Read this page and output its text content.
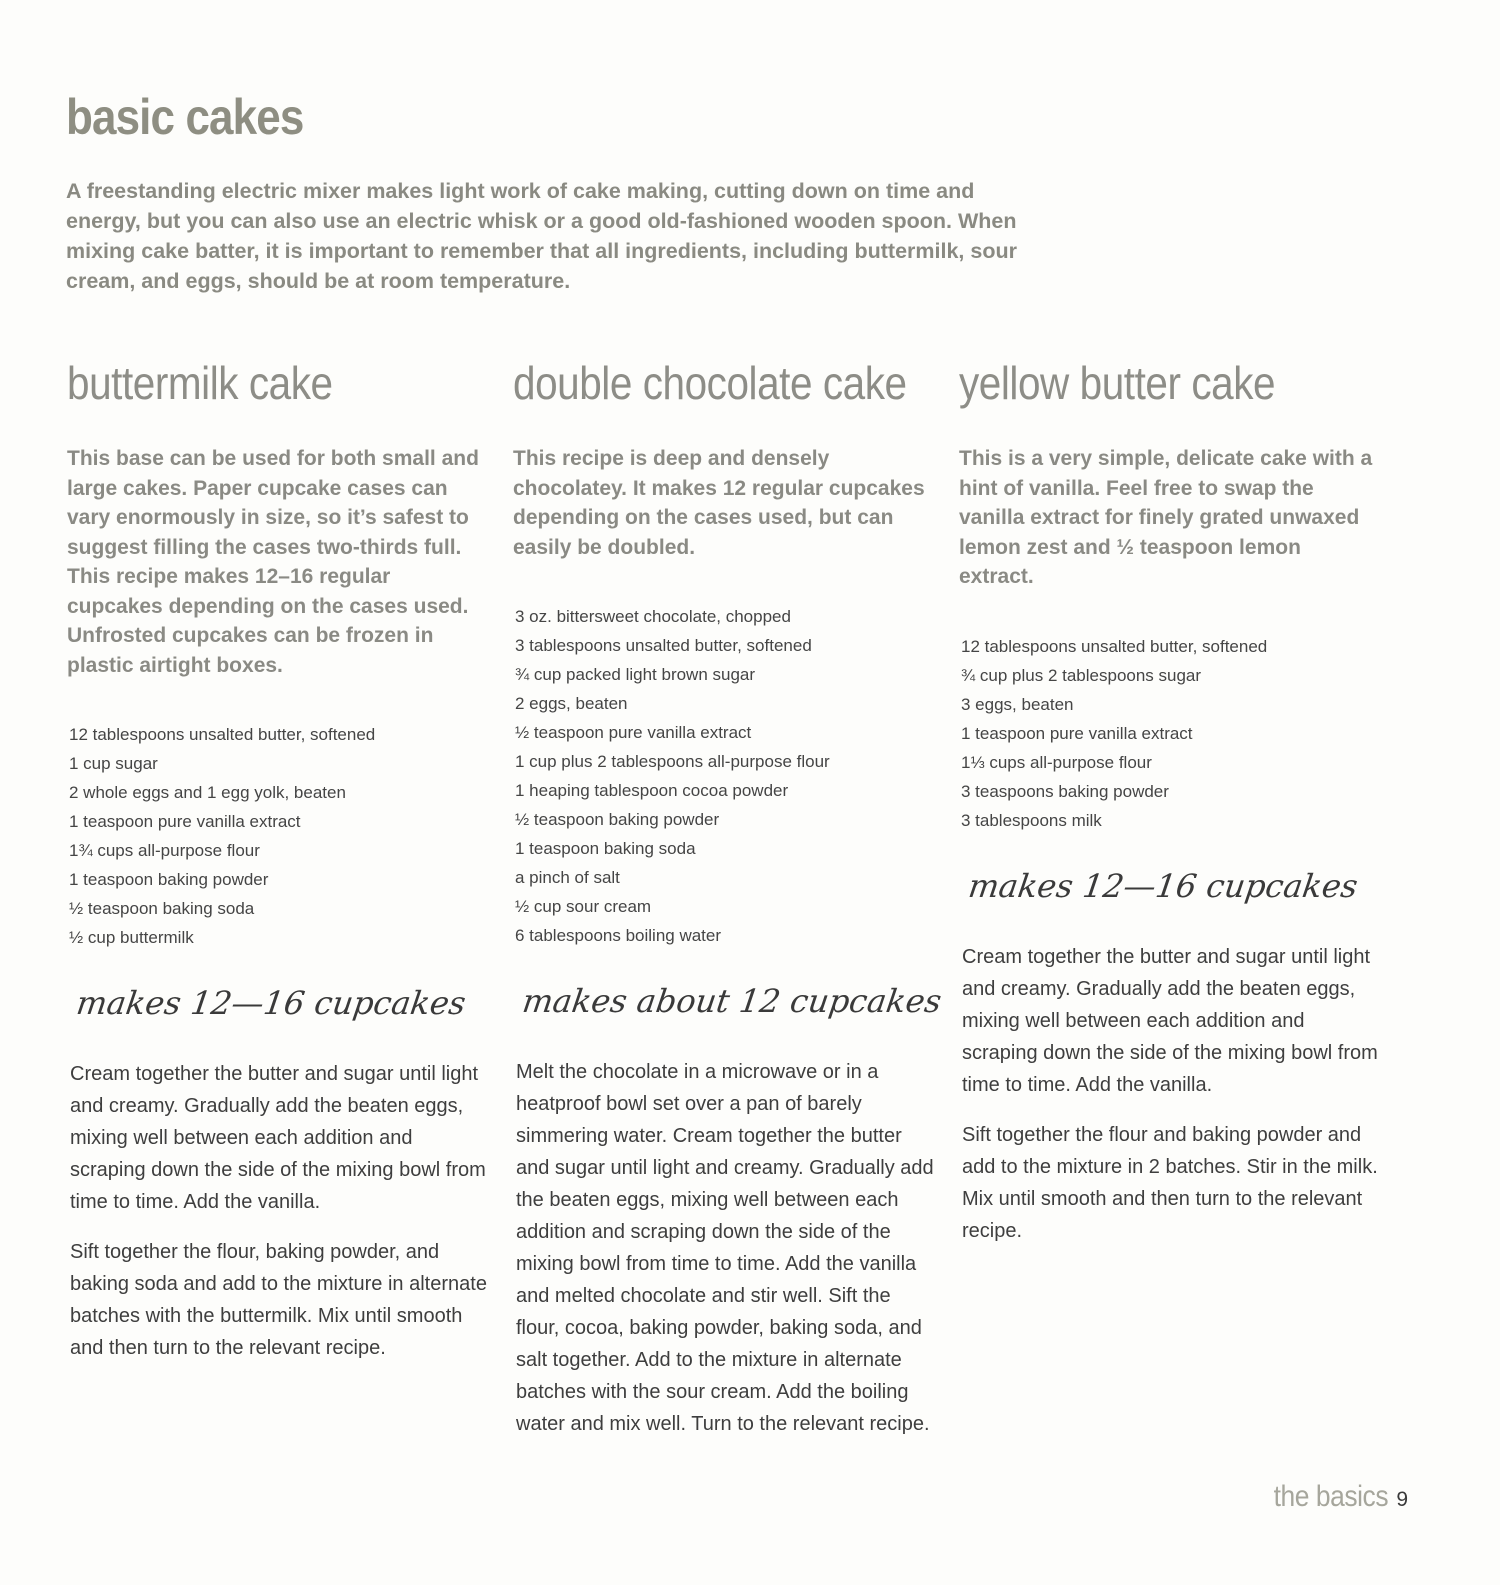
basic cakes

A freestanding electric mixer makes light work of cake making, cutting down on time and energy, but you can also use an electric whisk or a good old-fashioned wooden spoon. When mixing cake batter, it is important to remember that all ingredients, including buttermilk, sour cream, and eggs, should be at room temperature.

buttermilk cake

This base can be used for both small and large cakes. Paper cupcake cases can vary enormously in size, so it’s safest to suggest filling the cases two-thirds full. This recipe makes 12–16 regular cupcakes depending on the cases used. Unfrosted cupcakes can be frozen in plastic airtight boxes.

12 tablespoons unsalted butter, softened
1 cup sugar
2 whole eggs and 1 egg yolk, beaten
1 teaspoon pure vanilla extract
1¾ cups all-purpose flour
1 teaspoon baking powder
½ teaspoon baking soda
½ cup buttermilk
makes 12—16 cupcakes

Cream together the butter and sugar until light and creamy. Gradually add the beaten eggs, mixing well between each addition and scraping down the side of the mixing bowl from time to time. Add the vanilla.

Sift together the flour, baking powder, and baking soda and add to the mixture in alternate batches with the buttermilk. Mix until smooth and then turn to the relevant recipe.

double chocolate cake

This recipe is deep and densely chocolatey. It makes 12 regular cupcakes depending on the cases used, but can easily be doubled.

3 oz. bittersweet chocolate, chopped
3 tablespoons unsalted butter, softened
¾ cup packed light brown sugar
2 eggs, beaten
½ teaspoon pure vanilla extract
1 cup plus 2 tablespoons all-purpose flour
1 heaping tablespoon cocoa powder
½ teaspoon baking powder
1 teaspoon baking soda
a pinch of salt
½ cup sour cream
6 tablespoons boiling water
makes about 12 cupcakes

Melt the chocolate in a microwave or in a heatproof bowl set over a pan of barely simmering water. Cream together the butter and sugar until light and creamy. Gradually add the beaten eggs, mixing well between each addition and scraping down the side of the mixing bowl from time to time. Add the vanilla and melted chocolate and stir well. Sift the flour, cocoa, baking powder, baking soda, and salt together. Add to the mixture in alternate batches with the sour cream. Add the boiling water and mix well. Turn to the relevant recipe.

yellow butter cake

This is a very simple, delicate cake with a hint of vanilla. Feel free to swap the vanilla extract for finely grated unwaxed lemon zest and ½ teaspoon lemon extract.

12 tablespoons unsalted butter, softened
¾ cup plus 2 tablespoons sugar
3 eggs, beaten
1 teaspoon pure vanilla extract
1⅓ cups all-purpose flour
3 teaspoons baking powder
3 tablespoons milk
makes 12—16 cupcakes

Cream together the butter and sugar until light and creamy. Gradually add the beaten eggs, mixing well between each addition and scraping down the side of the mixing bowl from time to time. Add the vanilla.

Sift together the flour and baking powder and add to the mixture in 2 batches. Stir in the milk. Mix until smooth and then turn to the relevant recipe.

the basics 9
